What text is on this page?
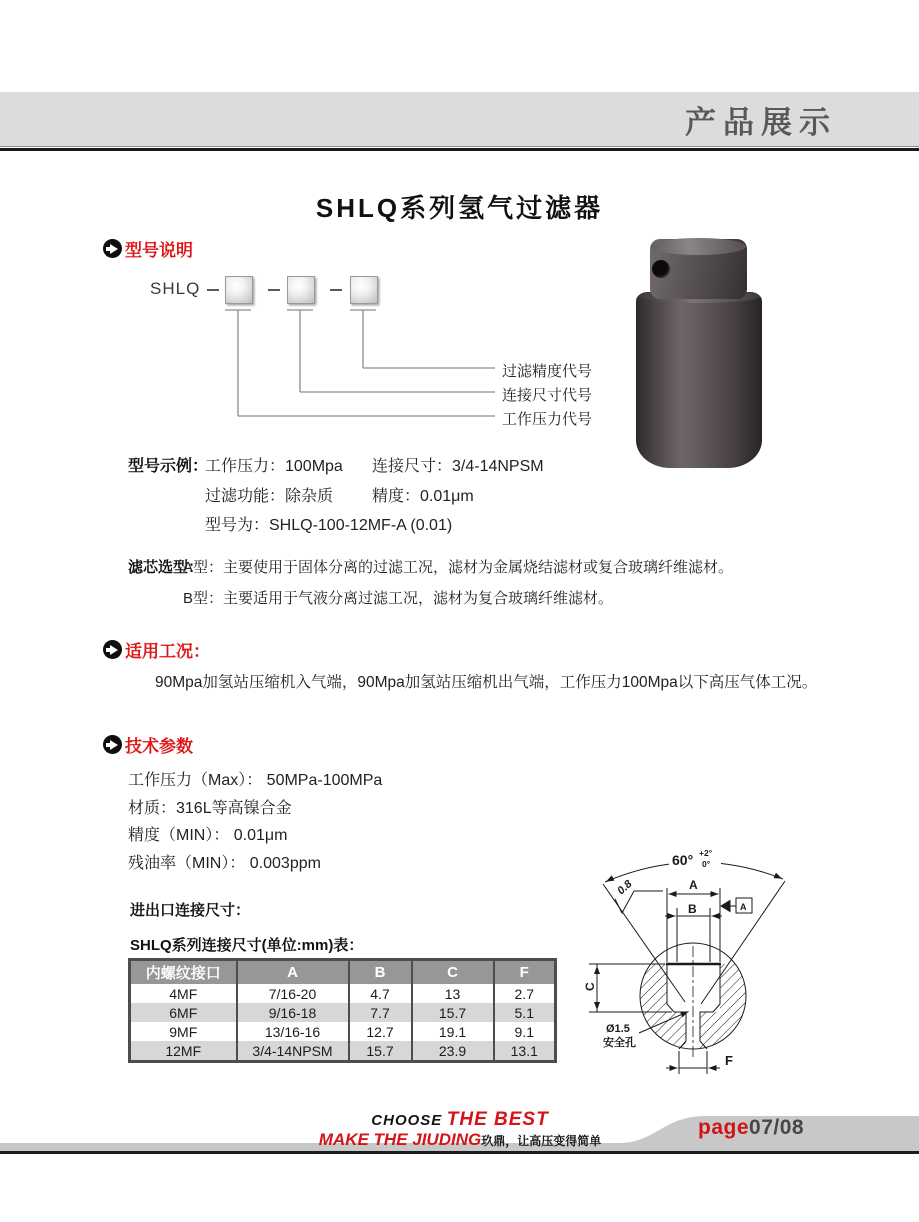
产品展示
SHLQ系列氢气过滤器
型号说明
SHLQ
过滤精度代号
连接尺寸代号
工作压力代号
型号示例：
工作压力：100Mpa 连接尺寸：3/4-14NPSM
过滤功能：除杂质 精度：0.01μm
型号为：SHLQ-100-12MF-A (0.01)
滤芯选型：
A型：主要使用于固体分离的过滤工况，滤材为金属烧结滤材或复合玻璃纤维滤材。
B型：主要适用于气液分离过滤工况，滤材为复合玻璃纤维滤材。
适用工况：
90Mpa加氢站压缩机入气端，90Mpa加氢站压缩机出气端，工作压力100Mpa以下高压气体工况。
技术参数
工作压力（Max）： 50MPa-100MPa
材质：316L等高镍合金
精度（MIN）： 0.01μm
残油率（MIN）： 0.003ppm
进出口连接尺寸：
SHLQ系列连接尺寸(单位:mm)表：
内螺纹接口	A	B	C	F
4MF	7/16-20	4.7	13	2.7
6MF	9/16-18	7.7	15.7	5.1
9MF	13/16-16	12.7	19.1	9.1
12MF	3/4-14NPSM	15.7	23.9	13.1
60° +2°
0°
0.8	A
B	A
C
F
Ø1.5
安全孔
CHOOSE THE BEST
MAKE THE JIUDING玖鼎，让高压变得简单
page07/08
